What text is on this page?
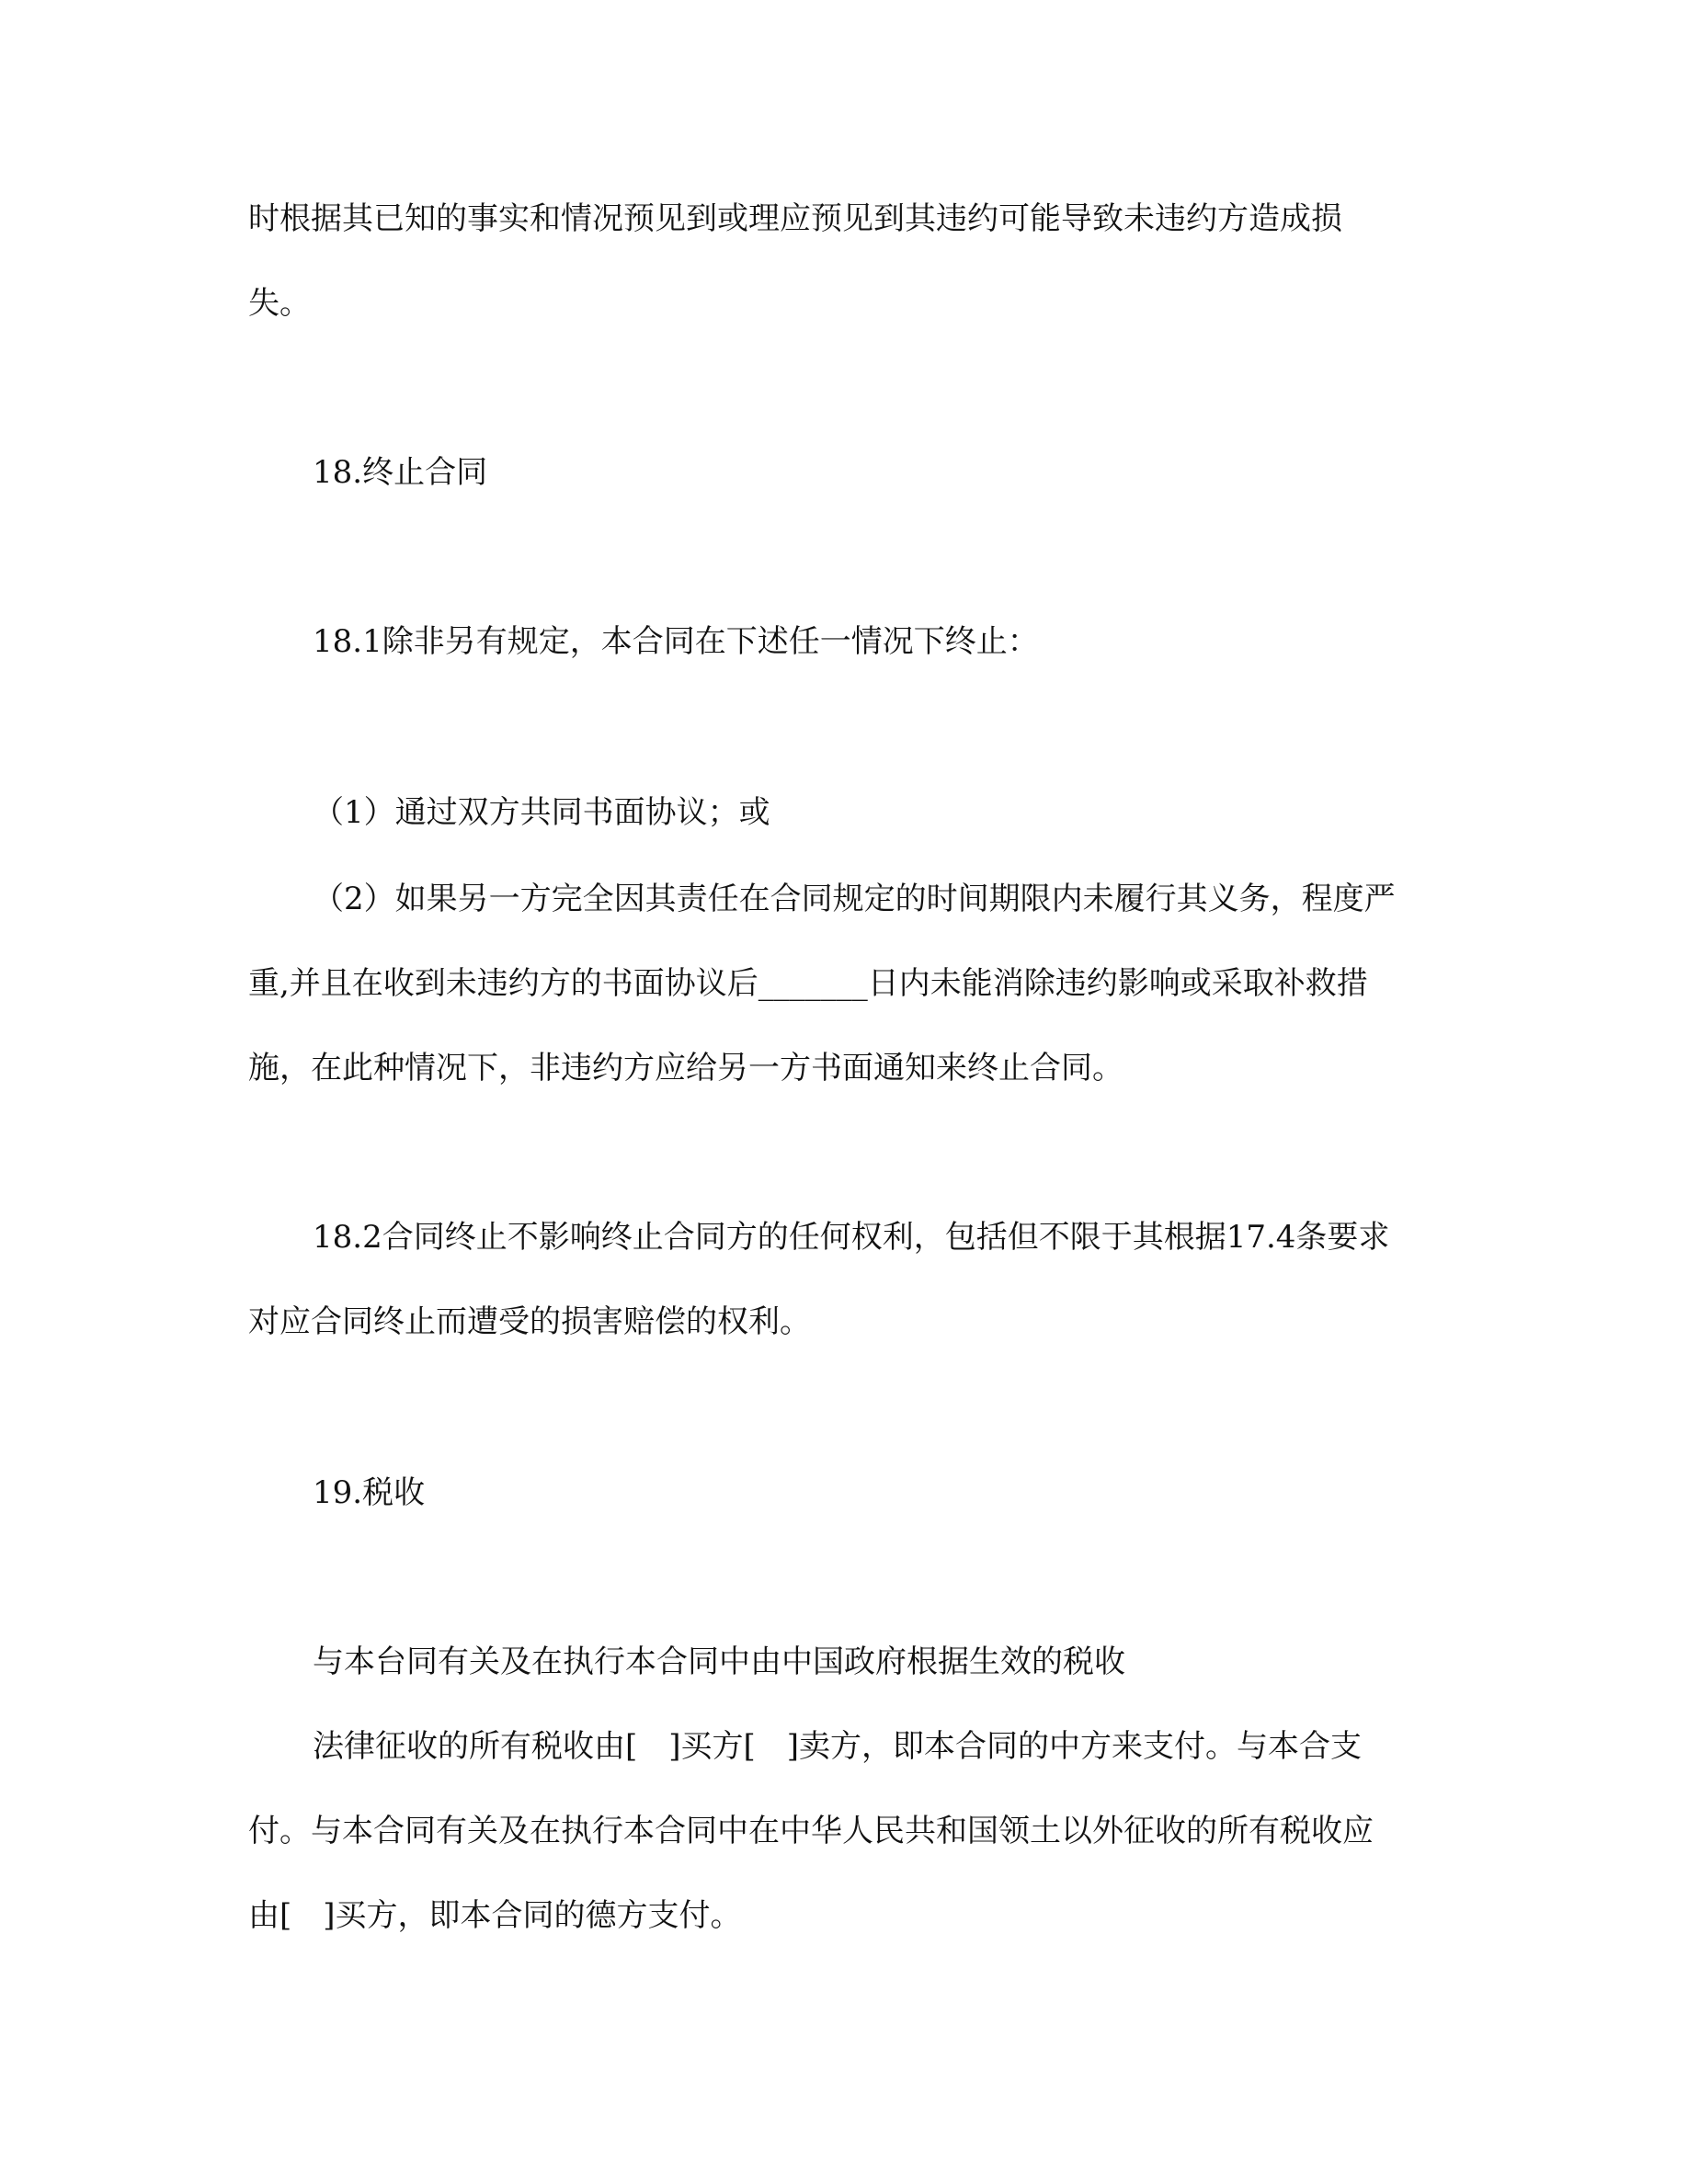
时根据其已知的事实和情况预见到或理应预见到其违约可能导致未违约方造成损
失。
18.终止合同
18.1除非另有规定，本合同在下述任一情况下终止：
（1）通过双方共同书面协议；或
（2）如果另一方完全因其责任在合同规定的时间期限内未履行其义务，程度严
重,并且在收到未违约方的书面协议后_______日内未能消除违约影响或采取补救措
施，在此种情况下，非违约方应给另一方书面通知来终止合同。
18.2合同终止不影响终止合同方的任何权利，包括但不限于其根据17.4条要求
对应合同终止而遭受的损害赔偿的权利。
19.税收
与本台同有关及在执行本合同中由中国政府根据生效的税收
法律征收的所有税收由[　]买方[　]卖方，即本合同的中方来支付。与本合支
付。与本合同有关及在执行本合同中在中华人民共和国领土以外征收的所有税收应
由[　]买方，即本合同的德方支付。
